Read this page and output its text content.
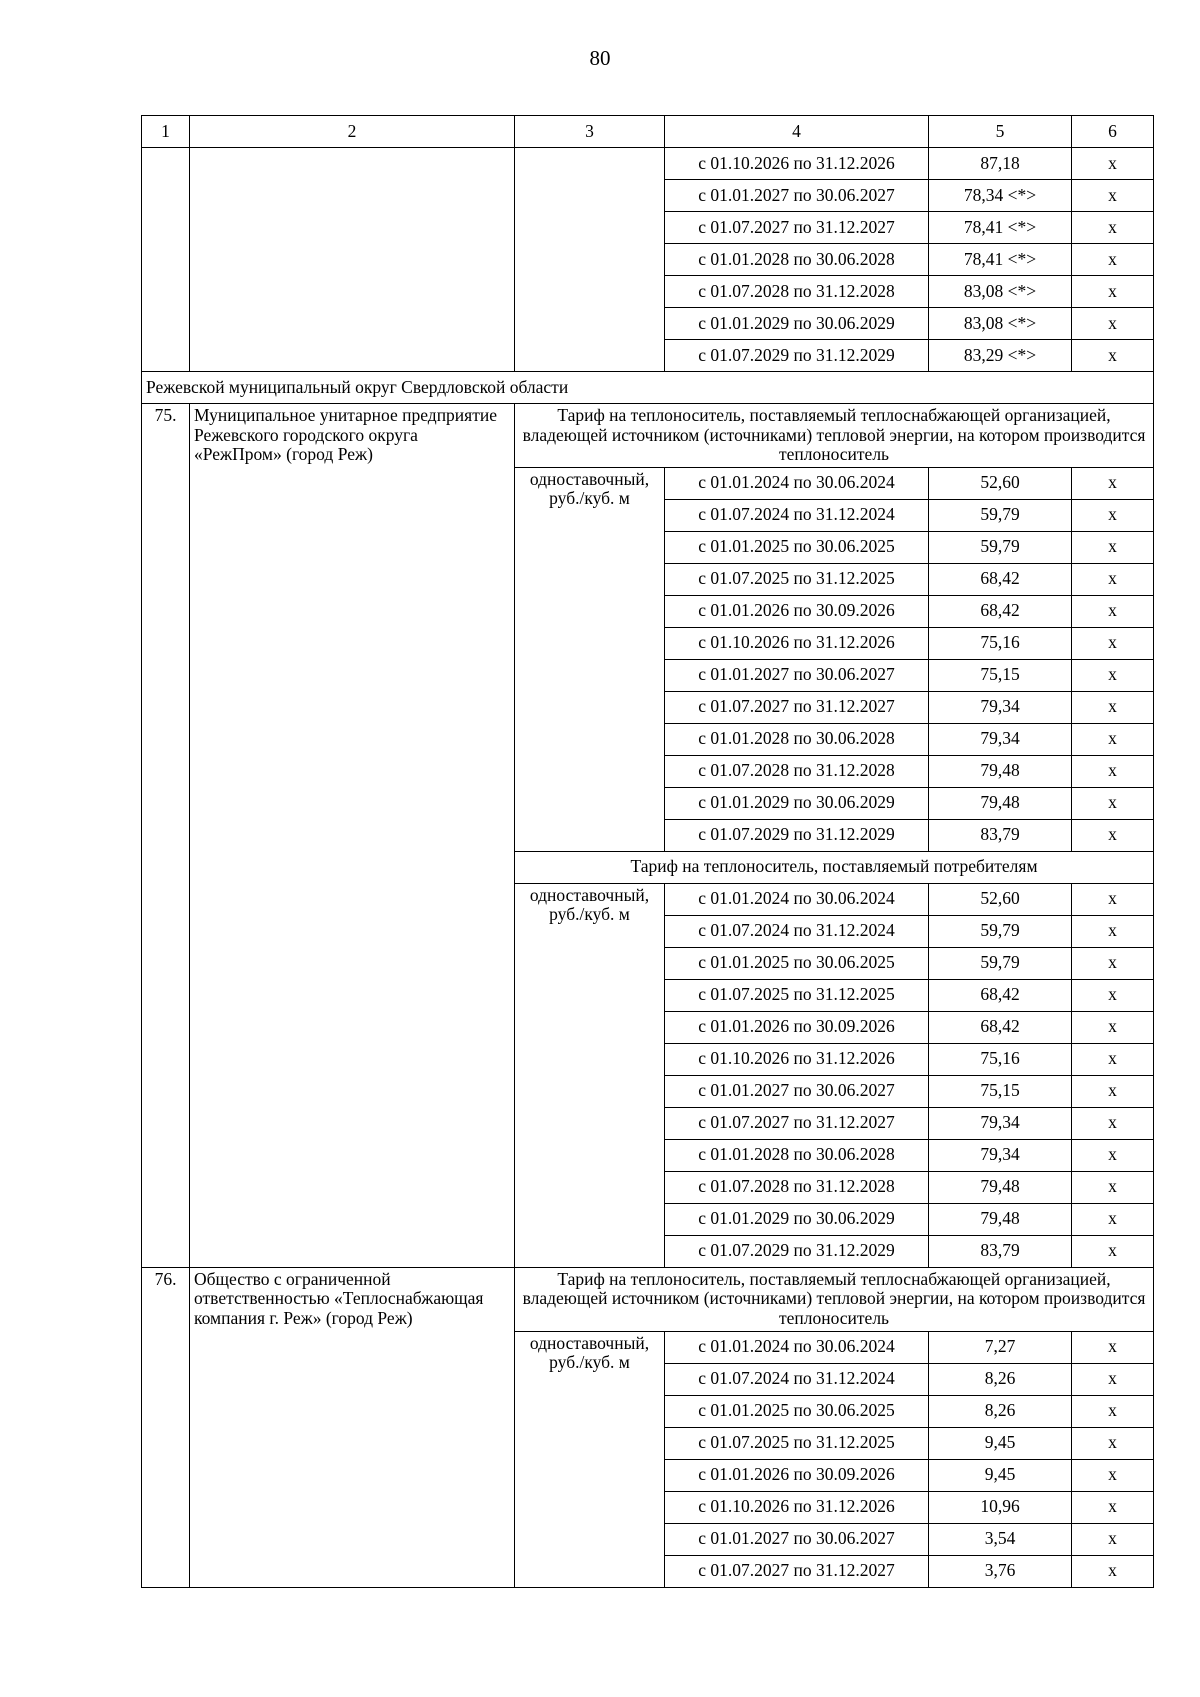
80
1	2	3	4	5	6
			с 01.10.2026 по 31.12.2026	87,18	х
			с 01.01.2027 по 30.06.2027	78,34 <*>	х
			с 01.07.2027 по 31.12.2027	78,41 <*>	х
			с 01.01.2028 по 30.06.2028	78,41 <*>	х
			с 01.07.2028 по 31.12.2028	83,08 <*>	х
			с 01.01.2029 по 30.06.2029	83,08 <*>	х
			с 01.07.2029 по 31.12.2029	83,29 <*>	х
Режевской муниципальный округ Свердловской области					
75.	Муниципальное унитарное предприятие Режевского городского округа «РежПром» (город Реж)	Тариф на теплоноситель, поставляемый теплоснабжающей организацией, владеющей источником (источниками) тепловой энергии, на котором производится теплоноситель			
		одноставочный, руб./куб. м	с 01.01.2024 по 30.06.2024	52,60	х
			с 01.07.2024 по 31.12.2024	59,79	х
			с 01.01.2025 по 30.06.2025	59,79	х
			с 01.07.2025 по 31.12.2025	68,42	х
			с 01.01.2026 по 30.09.2026	68,42	х
			с 01.10.2026 по 31.12.2026	75,16	х
			с 01.01.2027 по 30.06.2027	75,15	х
			с 01.07.2027 по 31.12.2027	79,34	х
			с 01.01.2028 по 30.06.2028	79,34	х
			с 01.07.2028 по 31.12.2028	79,48	х
			с 01.01.2029 по 30.06.2029	79,48	х
			с 01.07.2029 по 31.12.2029	83,79	х
		Тариф на теплоноситель, поставляемый потребителям			
		одноставочный, руб./куб. м	с 01.01.2024 по 30.06.2024	52,60	х
			с 01.07.2024 по 31.12.2024	59,79	х
			с 01.01.2025 по 30.06.2025	59,79	х
			с 01.07.2025 по 31.12.2025	68,42	х
			с 01.01.2026 по 30.09.2026	68,42	х
			с 01.10.2026 по 31.12.2026	75,16	х
			с 01.01.2027 по 30.06.2027	75,15	х
			с 01.07.2027 по 31.12.2027	79,34	х
			с 01.01.2028 по 30.06.2028	79,34	х
			с 01.07.2028 по 31.12.2028	79,48	х
			с 01.01.2029 по 30.06.2029	79,48	х
			с 01.07.2029 по 31.12.2029	83,79	х
76.	Общество с ограниченной ответственностью «Теплоснабжающая компания г. Реж» (город Реж)	Тариф на теплоноситель, поставляемый теплоснабжающей организацией, владеющей источником (источниками) тепловой энергии, на котором производится теплоноситель			
		одноставочный, руб./куб. м	с 01.01.2024 по 30.06.2024	7,27	х
			с 01.07.2024 по 31.12.2024	8,26	х
			с 01.01.2025 по 30.06.2025	8,26	х
			с 01.07.2025 по 31.12.2025	9,45	х
			с 01.01.2026 по 30.09.2026	9,45	х
			с 01.10.2026 по 31.12.2026	10,96	х
			с 01.01.2027 по 30.06.2027	3,54	х
			с 01.07.2027 по 31.12.2027	3,76	х
